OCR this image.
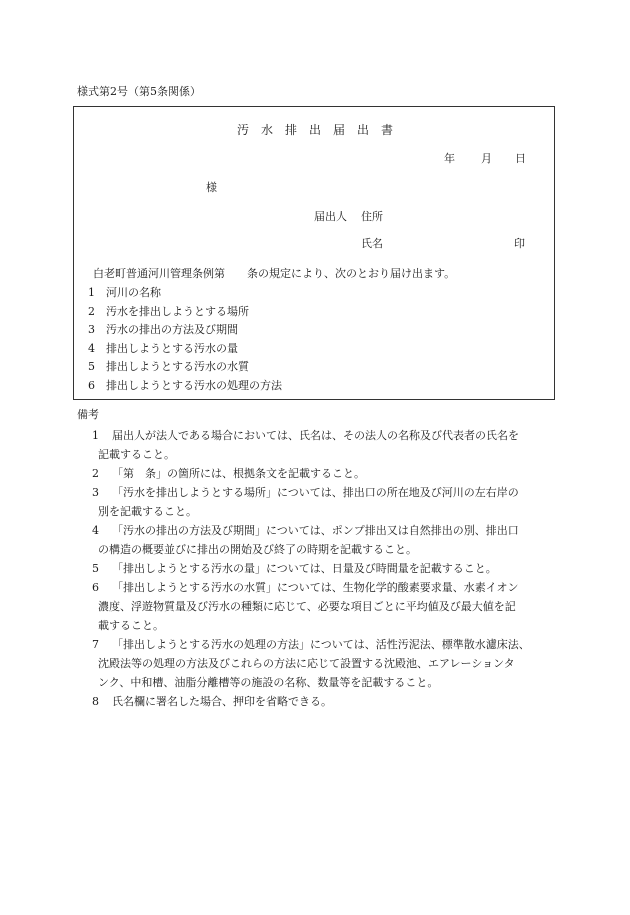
様式第2号（第5条関係）
汚 水 排 出 届 出 書
年 月 日
様
届出人 住所
氏名	印
白老町普通河川管理条例第　　条の規定により、次のとおり届け出ます。
1 河川の名称
2 汚水を排出しようとする場所
3 汚水の排出の方法及び期間
4 排出しようとする汚水の量
5 排出しようとする汚水の水質
6 排出しようとする汚水の処理の方法
備考
1 届出人が法人である場合においては、氏名は、その法人の名称及び代表者の氏名を
記載すること。
2 「第　条」の箇所には、根拠条文を記載すること。
3 「汚水を排出しようとする場所」については、排出口の所在地及び河川の左右岸の
別を記載すること。
4 「汚水の排出の方法及び期間」については、ポンプ排出又は自然排出の別、排出口
の構造の概要並びに排出の開始及び終了の時期を記載すること。
5 「排出しようとする汚水の量」については、日量及び時間量を記載すること。
6 「排出しようとする汚水の水質」については、生物化学的酸素要求量、水素イオン
濃度、浮遊物質量及び汚水の種類に応じて、必要な項目ごとに平均値及び最大値を記
載すること。
7 「排出しようとする汚水の処理の方法」については、活性汚泥法、標準散水濾床法、
沈殿法等の処理の方法及びこれらの方法に応じて設置する沈殿池、エアレーションタ
ンク、中和槽、油脂分離槽等の施設の名称、数量等を記載すること。
8 氏名欄に署名した場合、押印を省略できる。
